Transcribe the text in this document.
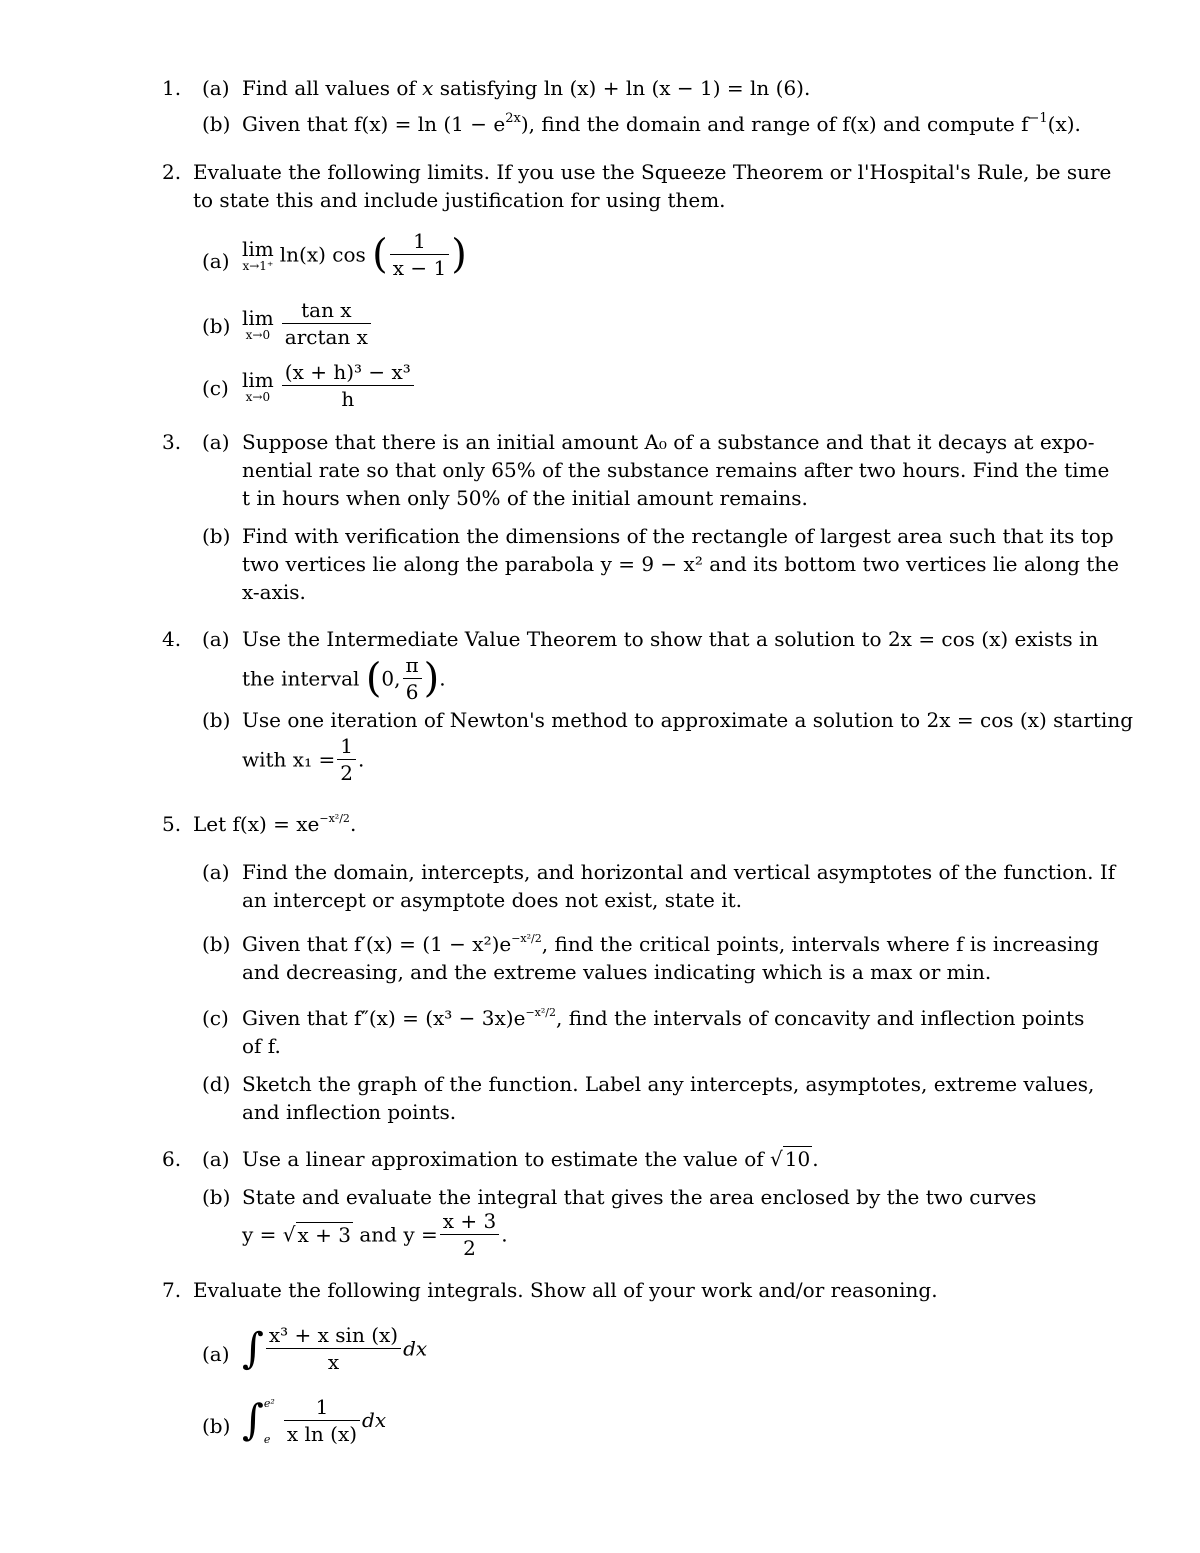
1. (a) Find all values of x satisfying ln (x) + ln (x − 1) = ln (6).
(b) Given that $f(x) = \ln (1 - e^{2x})$, find the domain and range of f(x) and compute $f^{-1}(x)$.
2. Evaluate the following limits. If you use the Squeeze Theorem or l'Hospital's Rule, be sure
to state this and include justification for using them.
(a)
lim
x→1⁺ ln(x) cos ( $\frac{1}{x - 1}$ )
(b) lim
$x\to 0 \frac{\text{tan x}}{\text{arctan x}}$
(c) lim
$x\to 0 \frac{\text{(x + h)³ − x³}}{h}$
3. (a) Suppose that there is an initial amount A₀ of a substance and that it decays at expo-
nential rate so that only 65% of the substance remains after two hours. Find the time
t in hours when only 50% of the initial amount remains.
(b) Find with verification the dimensions of the rectangle of largest area such that its top
two vertices lie along the parabola y = 9 − x² and its bottom two vertices lie along the
x-axis.
4. (a) Use the Intermediate Value Theorem to show that a solution to 2x = cos (x) exists in
the interval (0, $\frac{\pi}{6}$ ).
(b) Use one iteration of Newton's method to approximate a solution to 2x = cos (x) starting
with $x_1 = \frac{1}{2}$ .
5. Let $f(x) = xe^{-x^2/2}$.
(a) Find the domain, intercepts, and horizontal and vertical asymptotes of the function. If
an intercept or asymptote does not exist, state it.
(b) Given that $f'(x) = (1 - x^2)e^{-x^2/2}$, find the critical points, intervals where f is increasing
and decreasing, and the extreme values indicating which is a max or min.
(c) Given that $f''(x) = (x^3 - 3x)e^{-x^2/2}$, find the intervals of concavity and inflection points
of f.
(d) Sketch the graph of the function. Label any intercepts, asymptotes, extreme values,
and inflection points.
6. (a) Use a linear approximation to estimate the value of √ 10 .
(b) State and evaluate the integral that gives the area enclosed by the two curves
y = √ x + 3 and $y = \frac{x + 3}{2}$ .
7. Evaluate the following integrals. Show all of your work and/or reasoning.
(a) ∫ $\frac{\text{x³ + x sin (x)}}{x}$ dx
(b) ∫ e²
e $\frac{1}{\text{x ln (x)}}$ dx
